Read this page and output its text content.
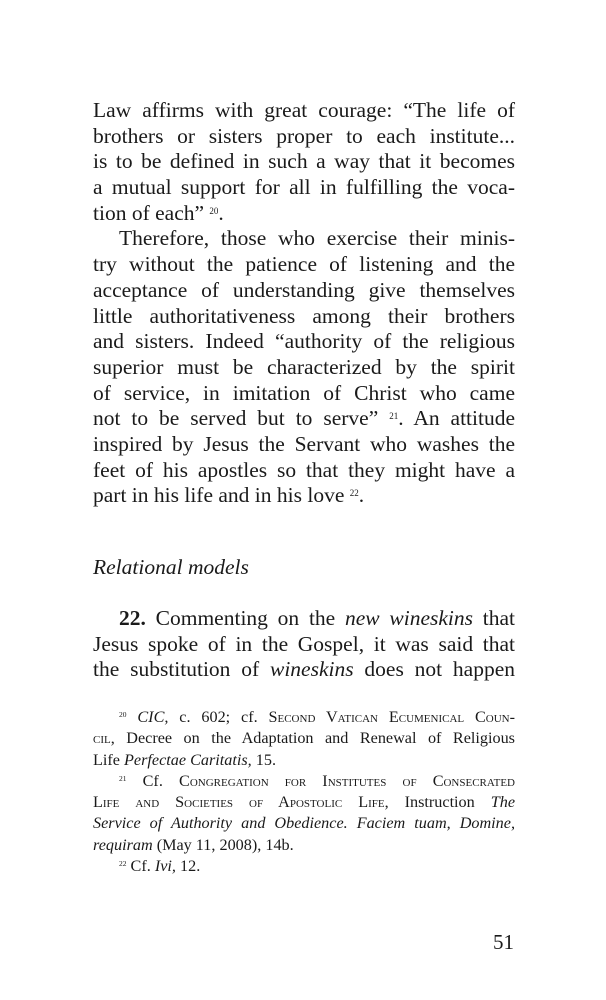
Law affirms with great courage: “The life of
brothers or sisters proper to each institute...
is to be defined in such a way that it becomes
a mutual support for all in fulfilling the voca-
tion of each” $^{20}$.
Therefore, those who exercise their minis-
try without the patience of listening and the
acceptance of understanding give themselves
little authoritativeness among their brothers
and sisters. Indeed “authority of the religious
superior must be characterized by the spirit
of service, in imitation of Christ who came
not to be served but to serve” $^{21}$. An attitude
inspired by Jesus the Servant who washes the
feet of his apostles so that they might have a
part in his life and in his love $^{22}$.
Relational models
22. Commenting on the new wineskins that
Jesus spoke of in the Gospel, it was said that
the substitution of wineskins does not happen
$^{20}$ CIC, c. 602; cf. Second Vatican Ecumenical Coun-
cil, Decree on the Adaptation and Renewal of Religious
Life Perfectae Caritatis, 15.
$^{21}$ Cf. Congregation for Institutes of Consecrated
Life and Societies of Apostolic Life, Instruction The
Service of Authority and Obedience. Faciem tuam, Domine,
requiram (May 11, 2008), 14b.
$^{22}$ Cf. Ivi, 12.
51
